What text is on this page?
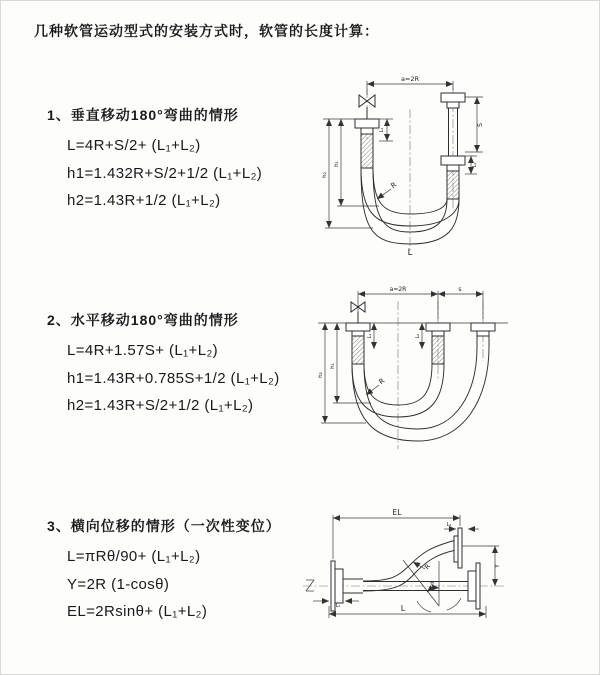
几种软管运动型式的安装方式时，软管的长度计算：
1、垂直移动180°弯曲的情形
L=4R+S/2+ (L₁+L₂)
h1=1.432R+S/2+1/2 (L₁+L₂)
h2=1.43R+1/2 (L₁+L₂)
2、水平移动180°弯曲的情形
L=4R+1.57S+ (L₁+L₂)
h1=1.43R+0.785S+1/2 (L₁+L₂)
h2=1.43R+S/2+1/2 (L₁+L₂)
3、横向位移的情形（一次性变位）
L=πRθ/90+ (L₁+L₂)
Y=2R (1-cosθ)
EL=2Rsinθ+ (L₁+L₂)
a=2R
L₁
S
L₂
h₂
h₁
R
L
a=2R	s
L₁	L₂
h₂
h₁
R
EL
L₂
Y
R
θ
L
L₁
